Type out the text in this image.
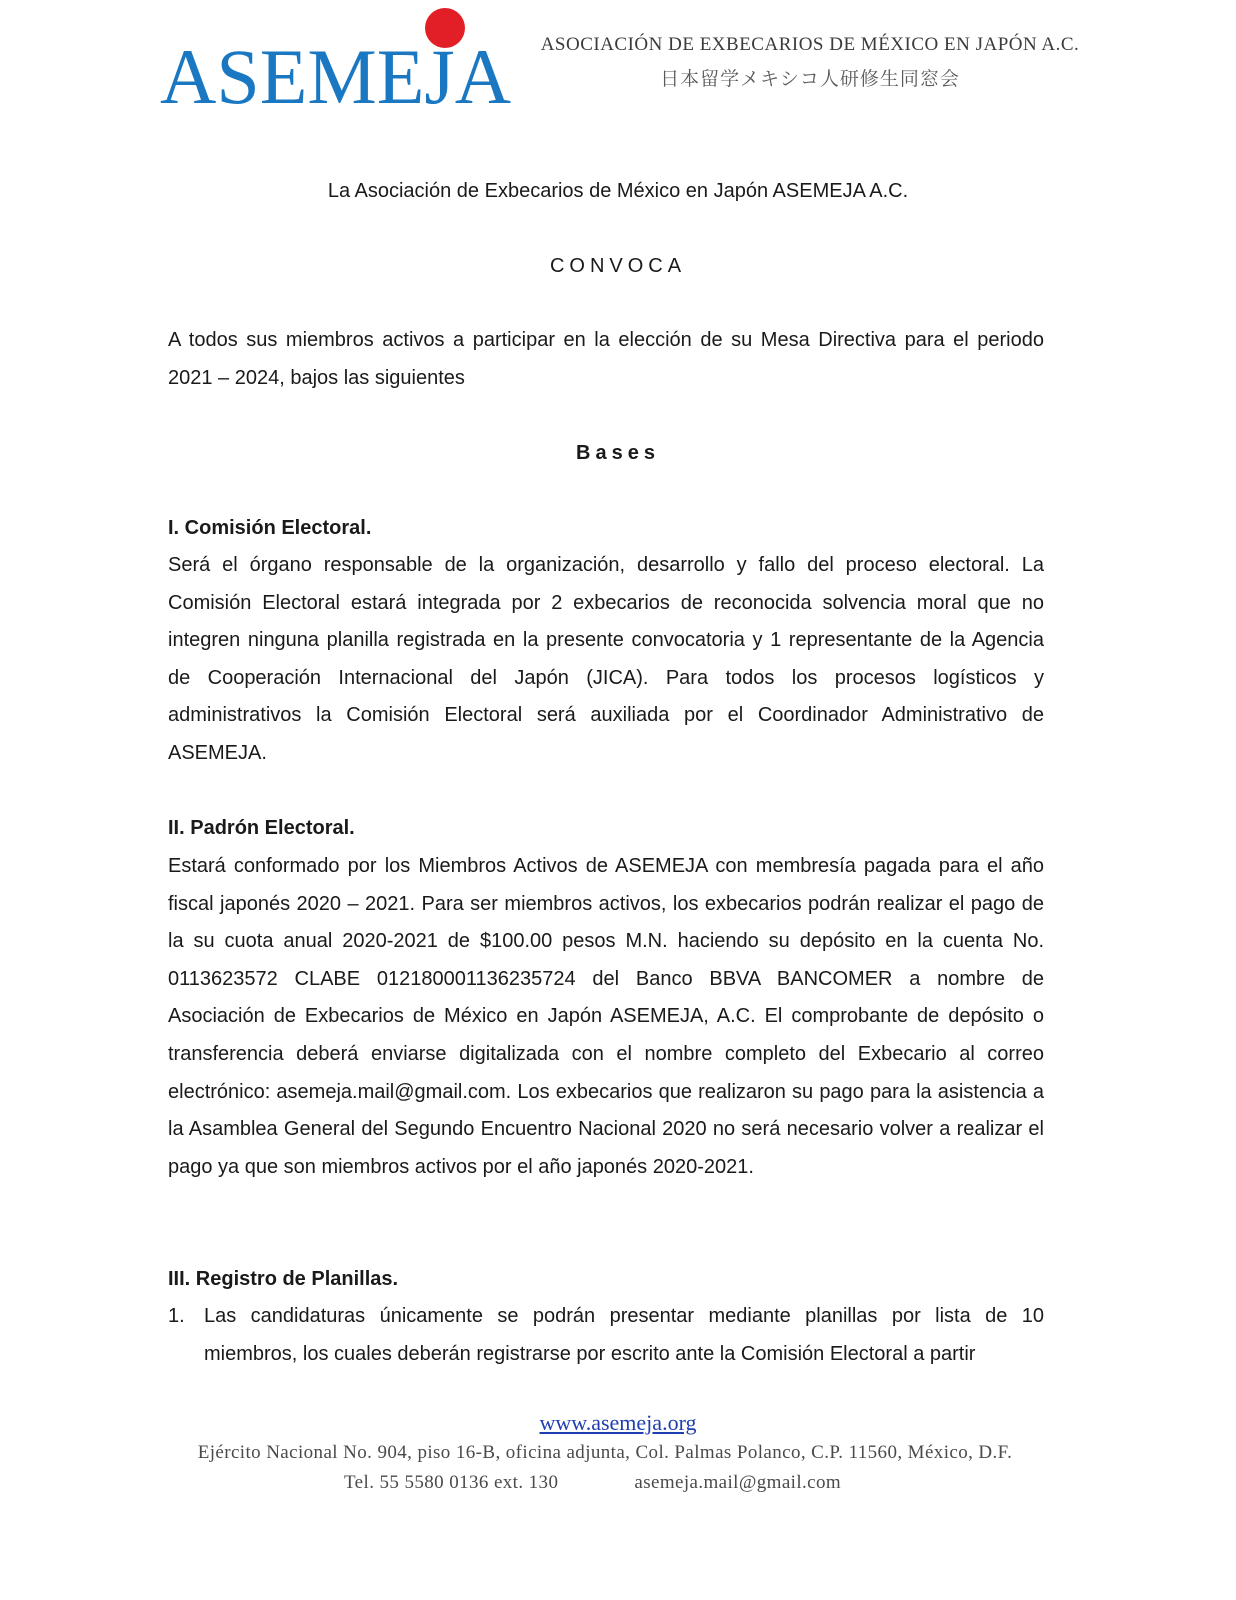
ASEMEJA	ASOCIACIÓN DE EXBECARIOS DE MÉXICO EN JAPÓN A.C.
日本留学メキシコ人研修生同窓会
La Asociación de Exbecarios de México en Japón ASEMEJA A.C.
CONVOCA
A todos sus miembros activos a participar en la elección de su Mesa Directiva para el periodo 2021 – 2024, bajos las siguientes
Bases
I. Comisión Electoral.
Será el órgano responsable de la organización, desarrollo y fallo del proceso electoral. La Comisión Electoral estará integrada por 2 exbecarios de reconocida solvencia moral que no integren ninguna planilla registrada en la presente convocatoria y 1 representante de la Agencia de Cooperación Internacional del Japón (JICA). Para todos los procesos logísticos y administrativos la Comisión Electoral será auxiliada por el Coordinador Administrativo de ASEMEJA.
II. Padrón Electoral.
Estará conformado por los Miembros Activos de ASEMEJA con membresía pagada para el año fiscal japonés 2020 – 2021. Para ser miembros activos, los exbecarios podrán realizar el pago de la su cuota anual 2020-2021 de $100.00 pesos M.N. haciendo su depósito en la cuenta No. 0113623572 CLABE 012180001136235724 del Banco BBVA BANCOMER a nombre de Asociación de Exbecarios de México en Japón ASEMEJA, A.C. El comprobante de depósito o transferencia deberá enviarse digitalizada con el nombre completo del Exbecario al correo electrónico: asemeja.mail@gmail.com. Los exbecarios que realizaron su pago para la asistencia a la Asamblea General del Segundo Encuentro Nacional 2020 no será necesario volver a realizar el pago ya que son miembros activos por el año japonés 2020-2021.
III. Registro de Planillas.
1. Las candidaturas únicamente se podrán presentar mediante planillas por lista de 10 miembros, los cuales deberán registrarse por escrito ante la Comisión Electoral a partir
www.asemeja.org
Ejército Nacional No. 904, piso 16-B, oficina adjunta, Col. Palmas Polanco, C.P. 11560, México, D.F.
Tel. 55 5580 0136 ext. 130	asemeja.mail@gmail.com
